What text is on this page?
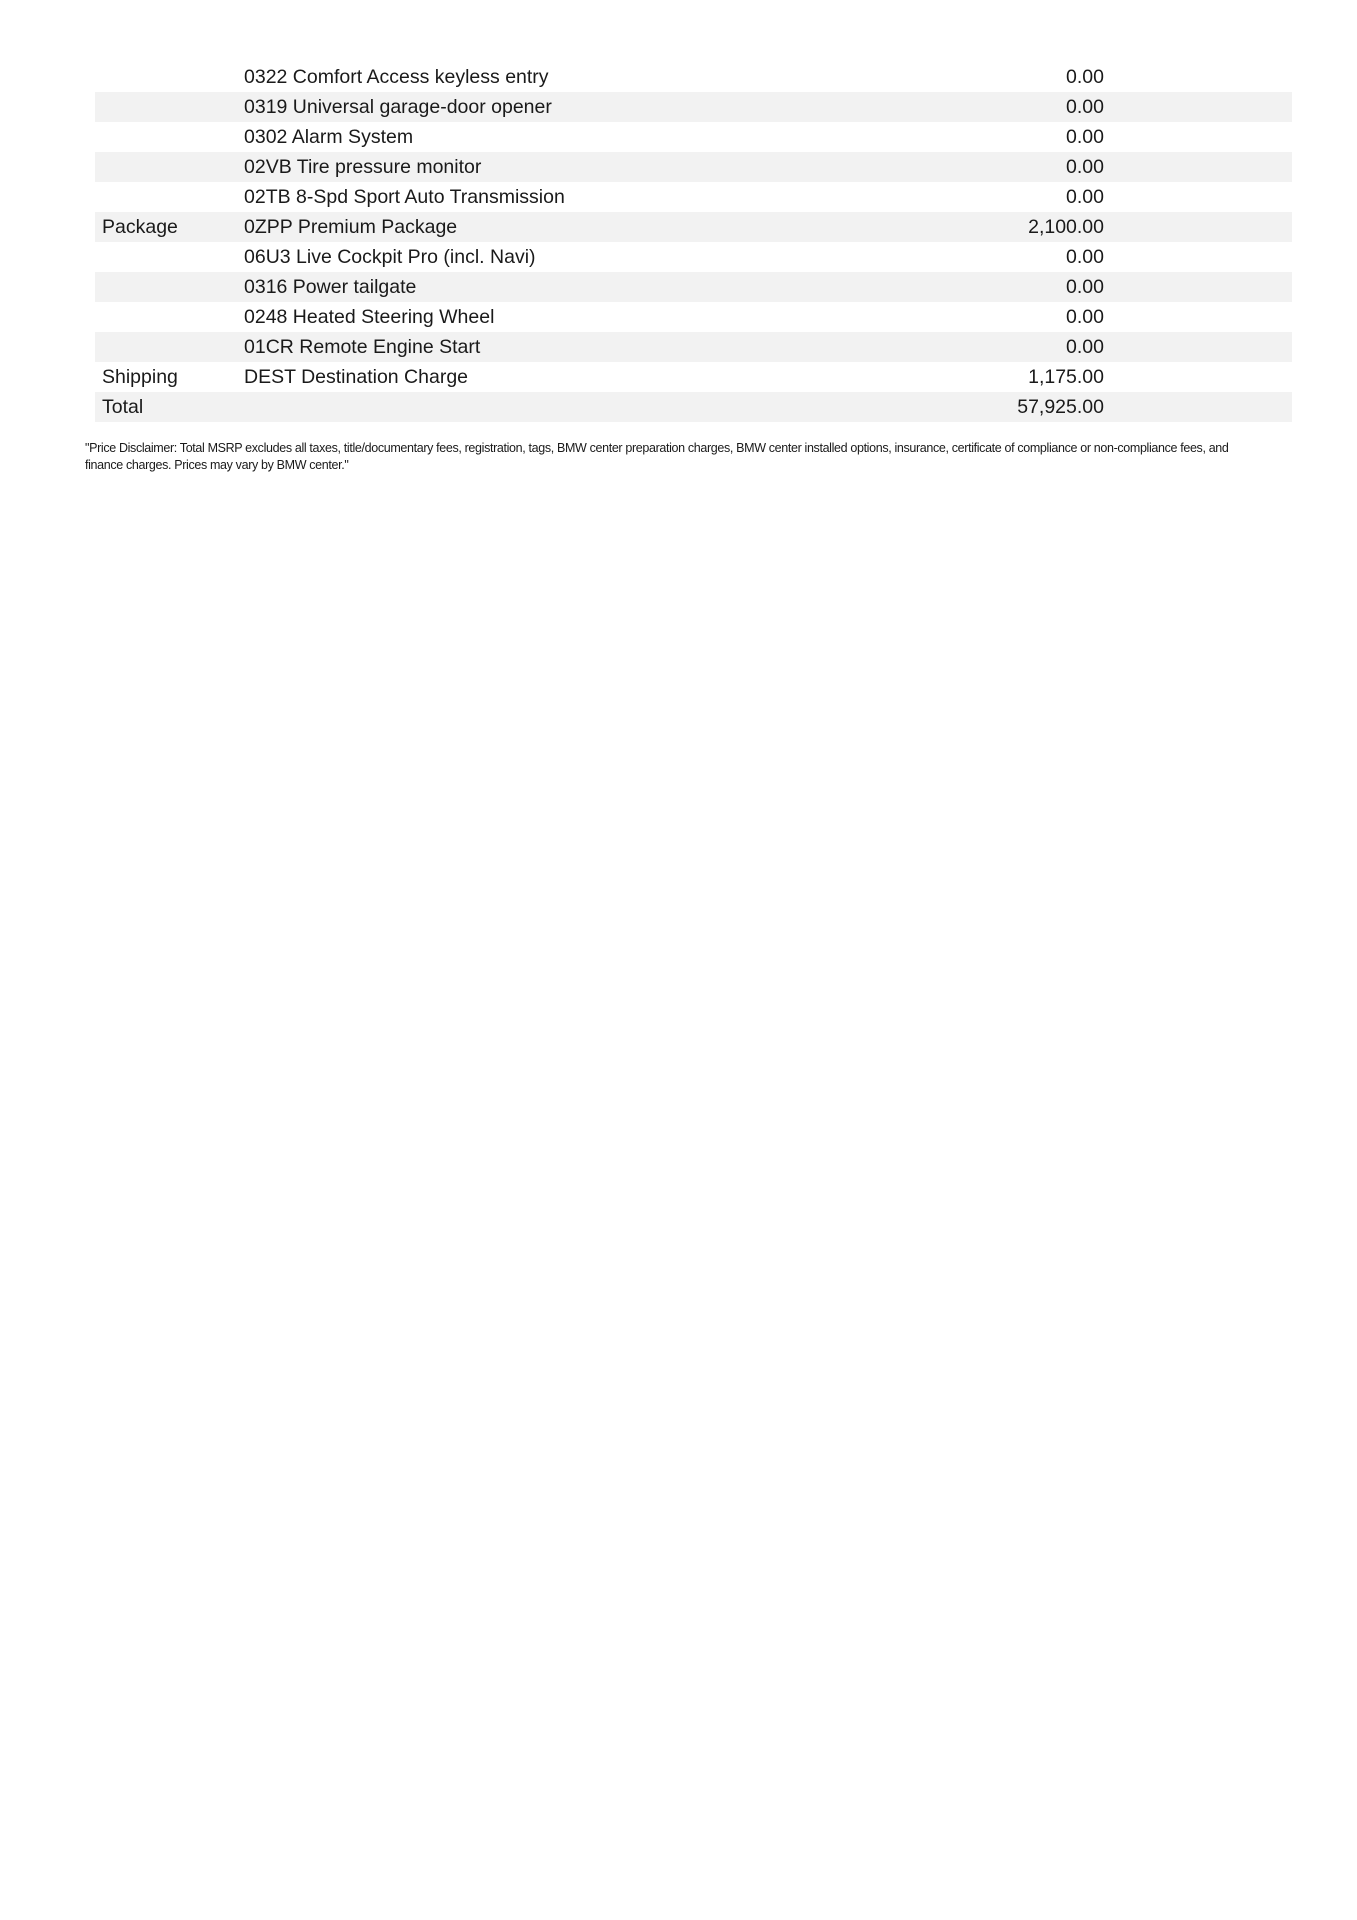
	0322 Comfort Access keyless entry	0.00	
	0319 Universal garage-door opener	0.00	
	0302 Alarm System	0.00	
	02VB Tire pressure monitor	0.00	
	02TB 8-Spd Sport Auto Transmission	0.00	
Package	0ZPP Premium Package	2,100.00	
	06U3 Live Cockpit Pro (incl. Navi)	0.00	
	0316 Power tailgate	0.00	
	0248 Heated Steering Wheel	0.00	
	01CR Remote Engine Start	0.00	
Shipping	DEST Destination Charge	1,175.00	
Total		57,925.00	
"Price Disclaimer: Total MSRP excludes all taxes, title/documentary fees, registration, tags, BMW center preparation charges, BMW center installed options, insurance, certificate of compliance or non-compliance fees, and finance charges. Prices may vary by BMW center."
